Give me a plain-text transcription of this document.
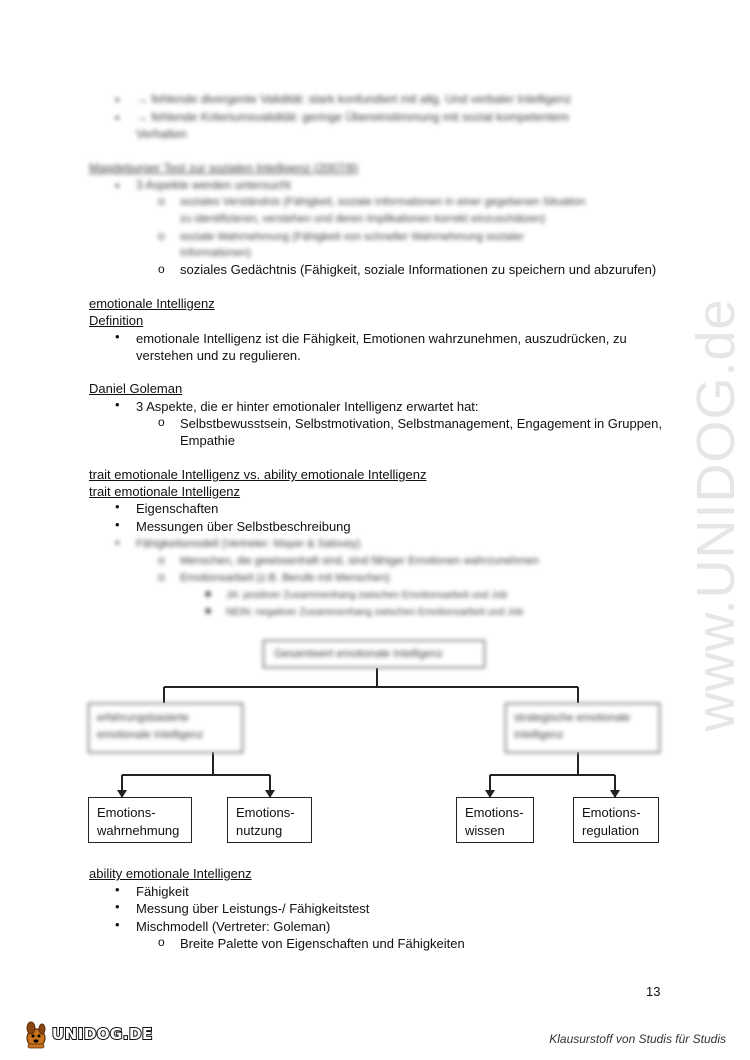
www.UNIDOG.de
• → fehlende divergente Validität: stark konfundiert mit allg. Und verbaler Intelligenz
• → fehlende Kriteriumsvalidität: geringe Übereinstimmung mit sozial kompetentem
Verhalten
Magdeburger Test zur sozialen Intelligenz (2007/8)
• 3 Aspekte werden untersucht
o soziales Verständnis (Fähigkeit, soziale Informationen in einer gegebenen Situation
zu identifizieren, verstehen und deren Implikationen korrekt einzuschätzen)
o soziale Wahrnehmung (Fähigkeit von schneller Wahrnehmung sozialer
Informationen)
o soziales Gedächtnis (Fähigkeit, soziale Informationen zu speichern und abzurufen)
emotionale Intelligenz
Definition
• emotionale Intelligenz ist die Fähigkeit, Emotionen wahrzunehmen, auszudrücken, zu
verstehen und zu regulieren.
Daniel Goleman
• 3 Aspekte, die er hinter emotionaler Intelligenz erwartet hat:
o Selbstbewusstsein, Selbstmotivation, Selbstmanagement, Engagement in Gruppen,
Empathie
trait emotionale Intelligenz vs. ability emotionale Intelligenz
trait emotionale Intelligenz
• Eigenschaften
• Messungen über Selbstbeschreibung
• Fähigkeitsmodell (Vertreter: Mayer & Salovey)
o Menschen, die gewissenhaft sind, sind fähiger Emotionen wahrzunehmen
o Emotionsarbeit (z.B. Berufe mit Menschen)
■ JA: positiver Zusammenhang zwischen Emotionsarbeit und Job
■ NEIN: negativer Zusammenhang zwischen Emotionsarbeit und Job
Gesamtwert emotionale Intelligenz
erfahrungsbasierte
emotionale Intelligenz
strategische emotionale
Intelligenz
Emotions-
wahrnehmung
Emotions-
nutzung
Emotions-
wissen
Emotions-
regulation
ability emotionale Intelligenz
• Fähigkeit
• Messung über Leistungs-/ Fähigkeitstest
• Mischmodell (Vertreter: Goleman)
o Breite Palette von Eigenschaften und Fähigkeiten
13
UNIDOG.DE	Klausurstoff von Studis für Studis
